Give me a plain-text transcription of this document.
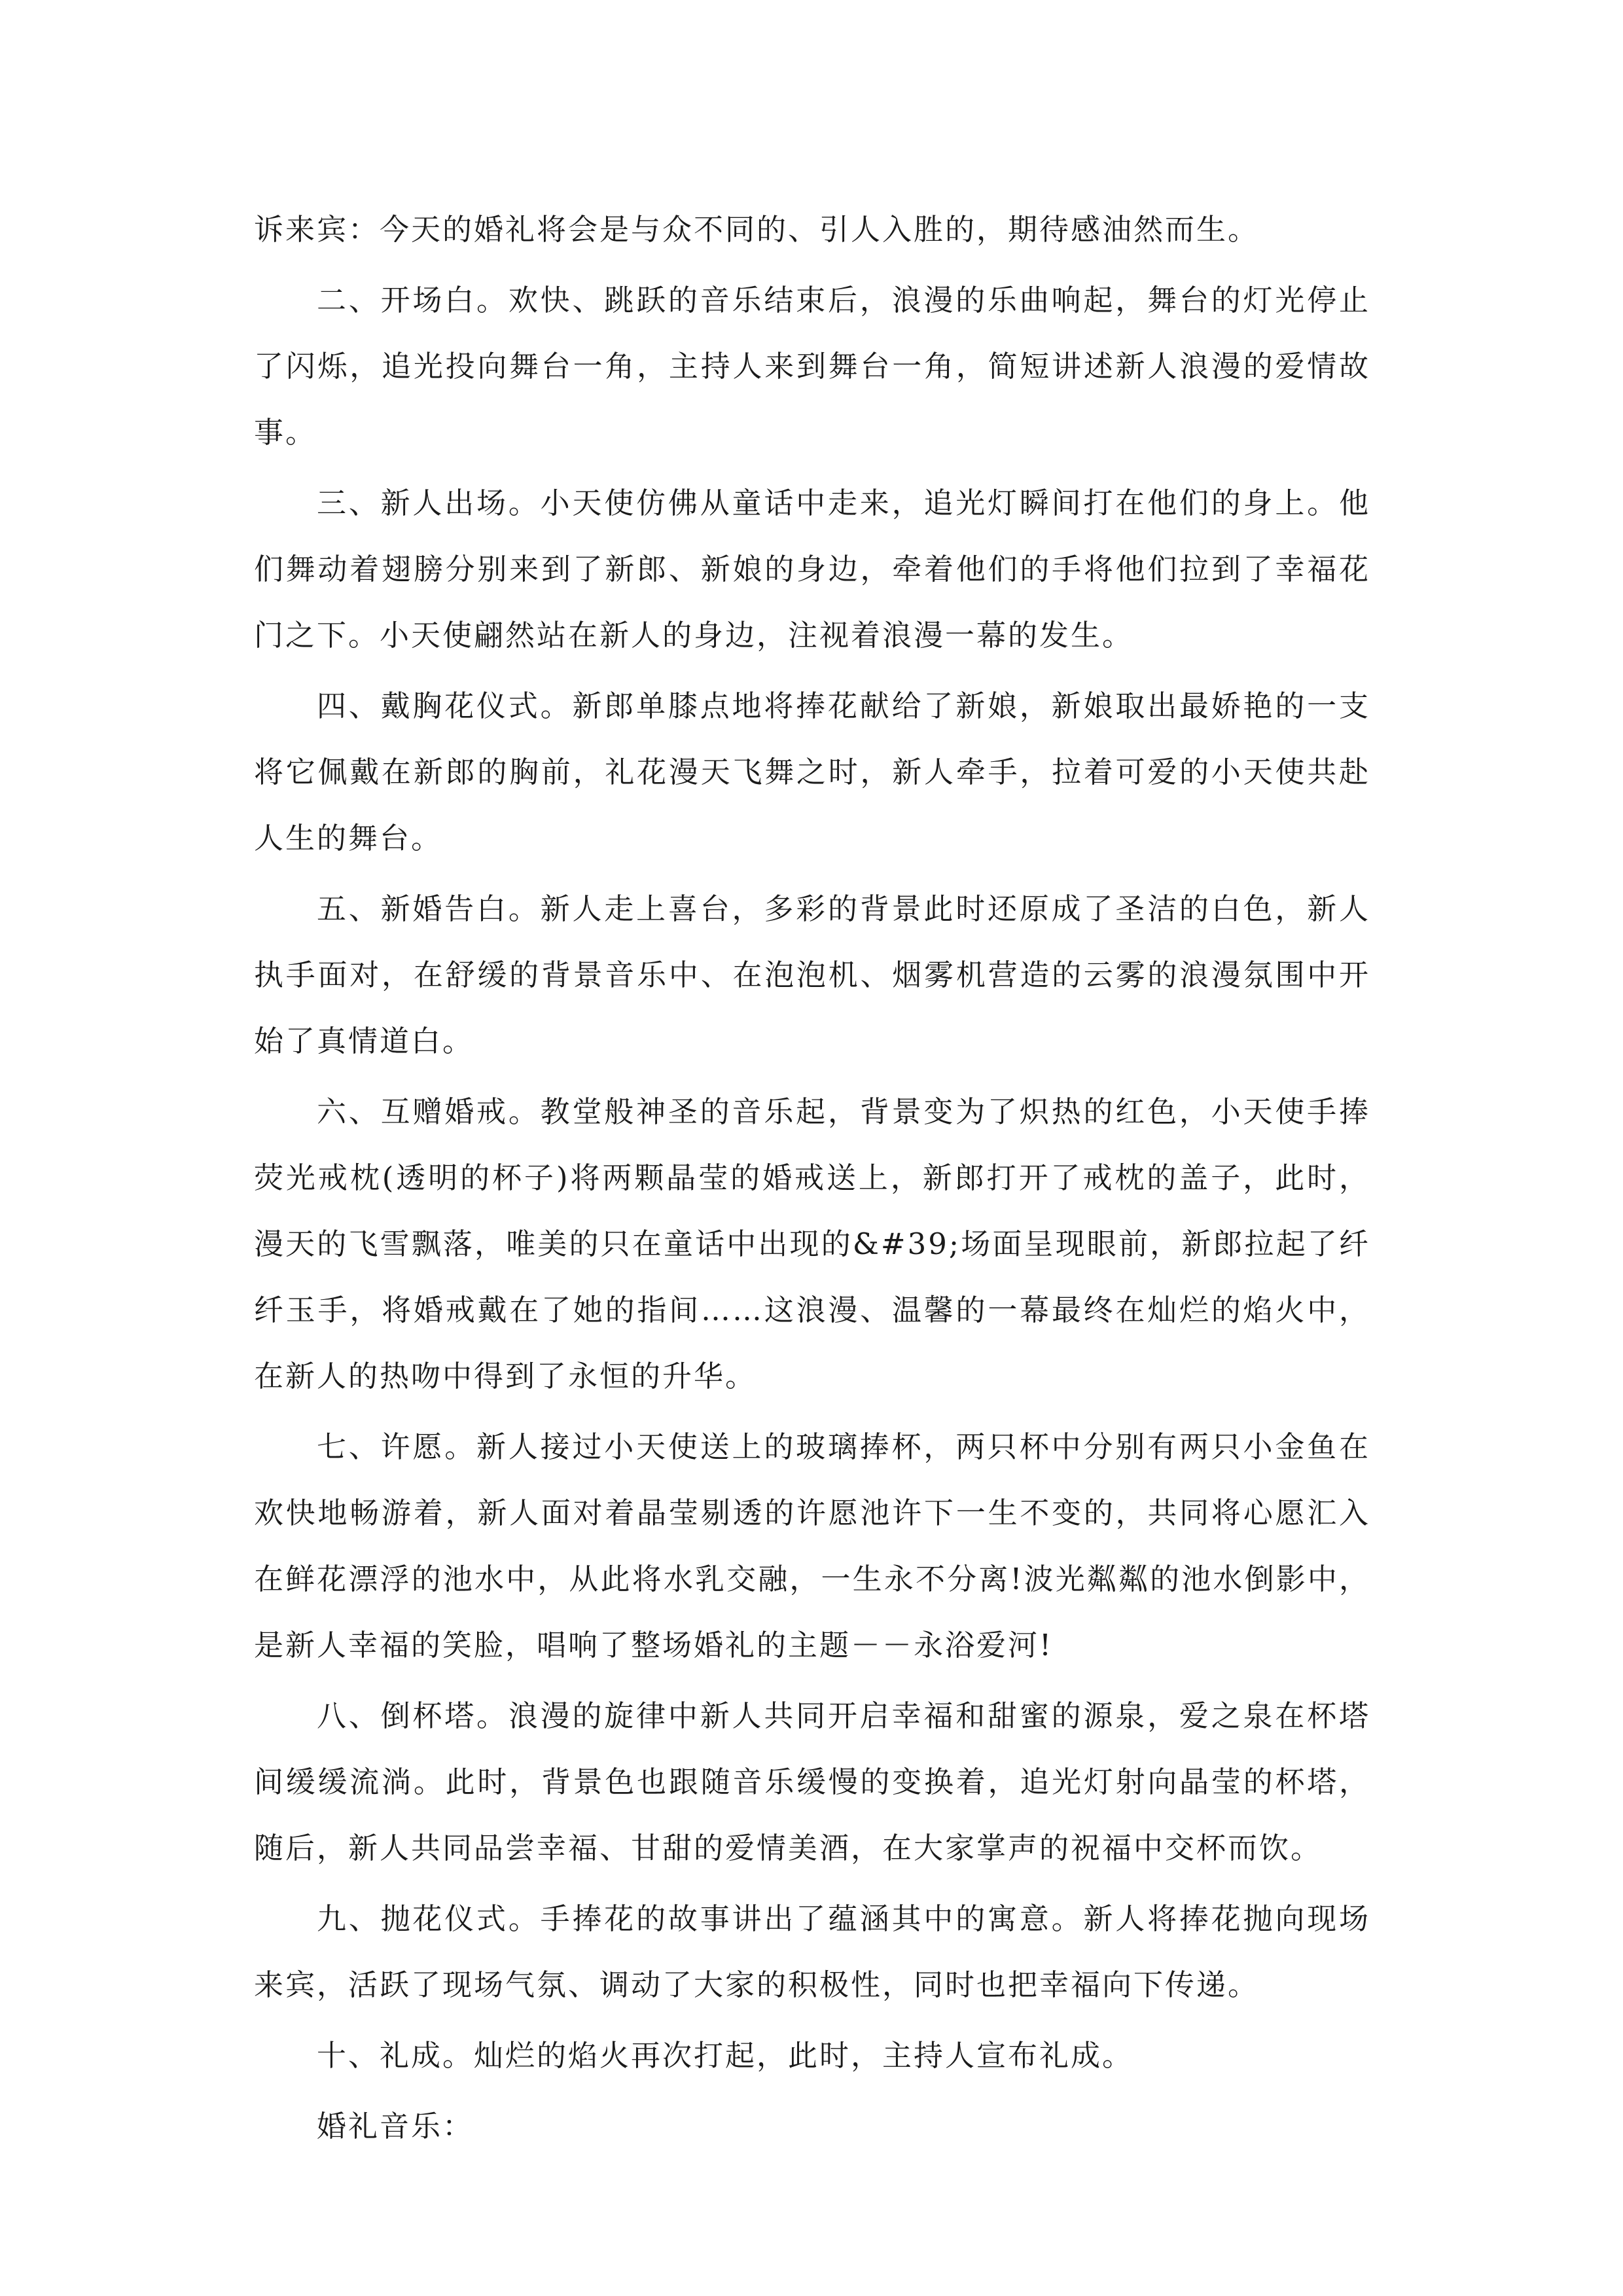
诉来宾：今天的婚礼将会是与众不同的、引人入胜的，期待感油然而生。

二、开场白。欢快、跳跃的音乐结束后，浪漫的乐曲响起，舞台的灯光停止了闪烁，追光投向舞台一角，主持人来到舞台一角，简短讲述新人浪漫的爱情故事。

三、新人出场。小天使仿佛从童话中走来，追光灯瞬间打在他们的身上。他们舞动着翅膀分别来到了新郎、新娘的身边，牵着他们的手将他们拉到了幸福花门之下。小天使翩然站在新人的身边，注视着浪漫一幕的发生。

四、戴胸花仪式。新郎单膝点地将捧花献给了新娘，新娘取出最娇艳的一支将它佩戴在新郎的胸前，礼花漫天飞舞之时，新人牵手，拉着可爱的小天使共赴人生的舞台。

五、新婚告白。新人走上喜台，多彩的背景此时还原成了圣洁的白色，新人执手面对，在舒缓的背景音乐中、在泡泡机、烟雾机营造的云雾的浪漫氛围中开始了真情道白。

六、互赠婚戒。教堂般神圣的音乐起，背景变为了炽热的红色，小天使手捧荧光戒枕(透明的杯子)将两颗晶莹的婚戒送上，新郎打开了戒枕的盖子，此时，漫天的飞雪飘落，唯美的只在童话中出现的&#39;场面呈现眼前，新郎拉起了纤纤玉手，将婚戒戴在了她的指间……这浪漫、温馨的一幕最终在灿烂的焰火中，在新人的热吻中得到了永恒的升华。

七、许愿。新人接过小天使送上的玻璃捧杯，两只杯中分别有两只小金鱼在欢快地畅游着，新人面对着晶莹剔透的许愿池许下一生不变的，共同将心愿汇入在鲜花漂浮的池水中，从此将水乳交融，一生永不分离!波光粼粼的池水倒影中，是新人幸福的笑脸，唱响了整场婚礼的主题－－永浴爱河!

八、倒杯塔。浪漫的旋律中新人共同开启幸福和甜蜜的源泉，爱之泉在杯塔间缓缓流淌。此时，背景色也跟随音乐缓慢的变换着，追光灯射向晶莹的杯塔，随后，新人共同品尝幸福、甘甜的爱情美酒，在大家掌声的祝福中交杯而饮。

九、抛花仪式。手捧花的故事讲出了蕴涵其中的寓意。新人将捧花抛向现场来宾，活跃了现场气氛、调动了大家的积极性，同时也把幸福向下传递。

十、礼成。灿烂的焰火再次打起，此时，主持人宣布礼成。

婚礼音乐：
